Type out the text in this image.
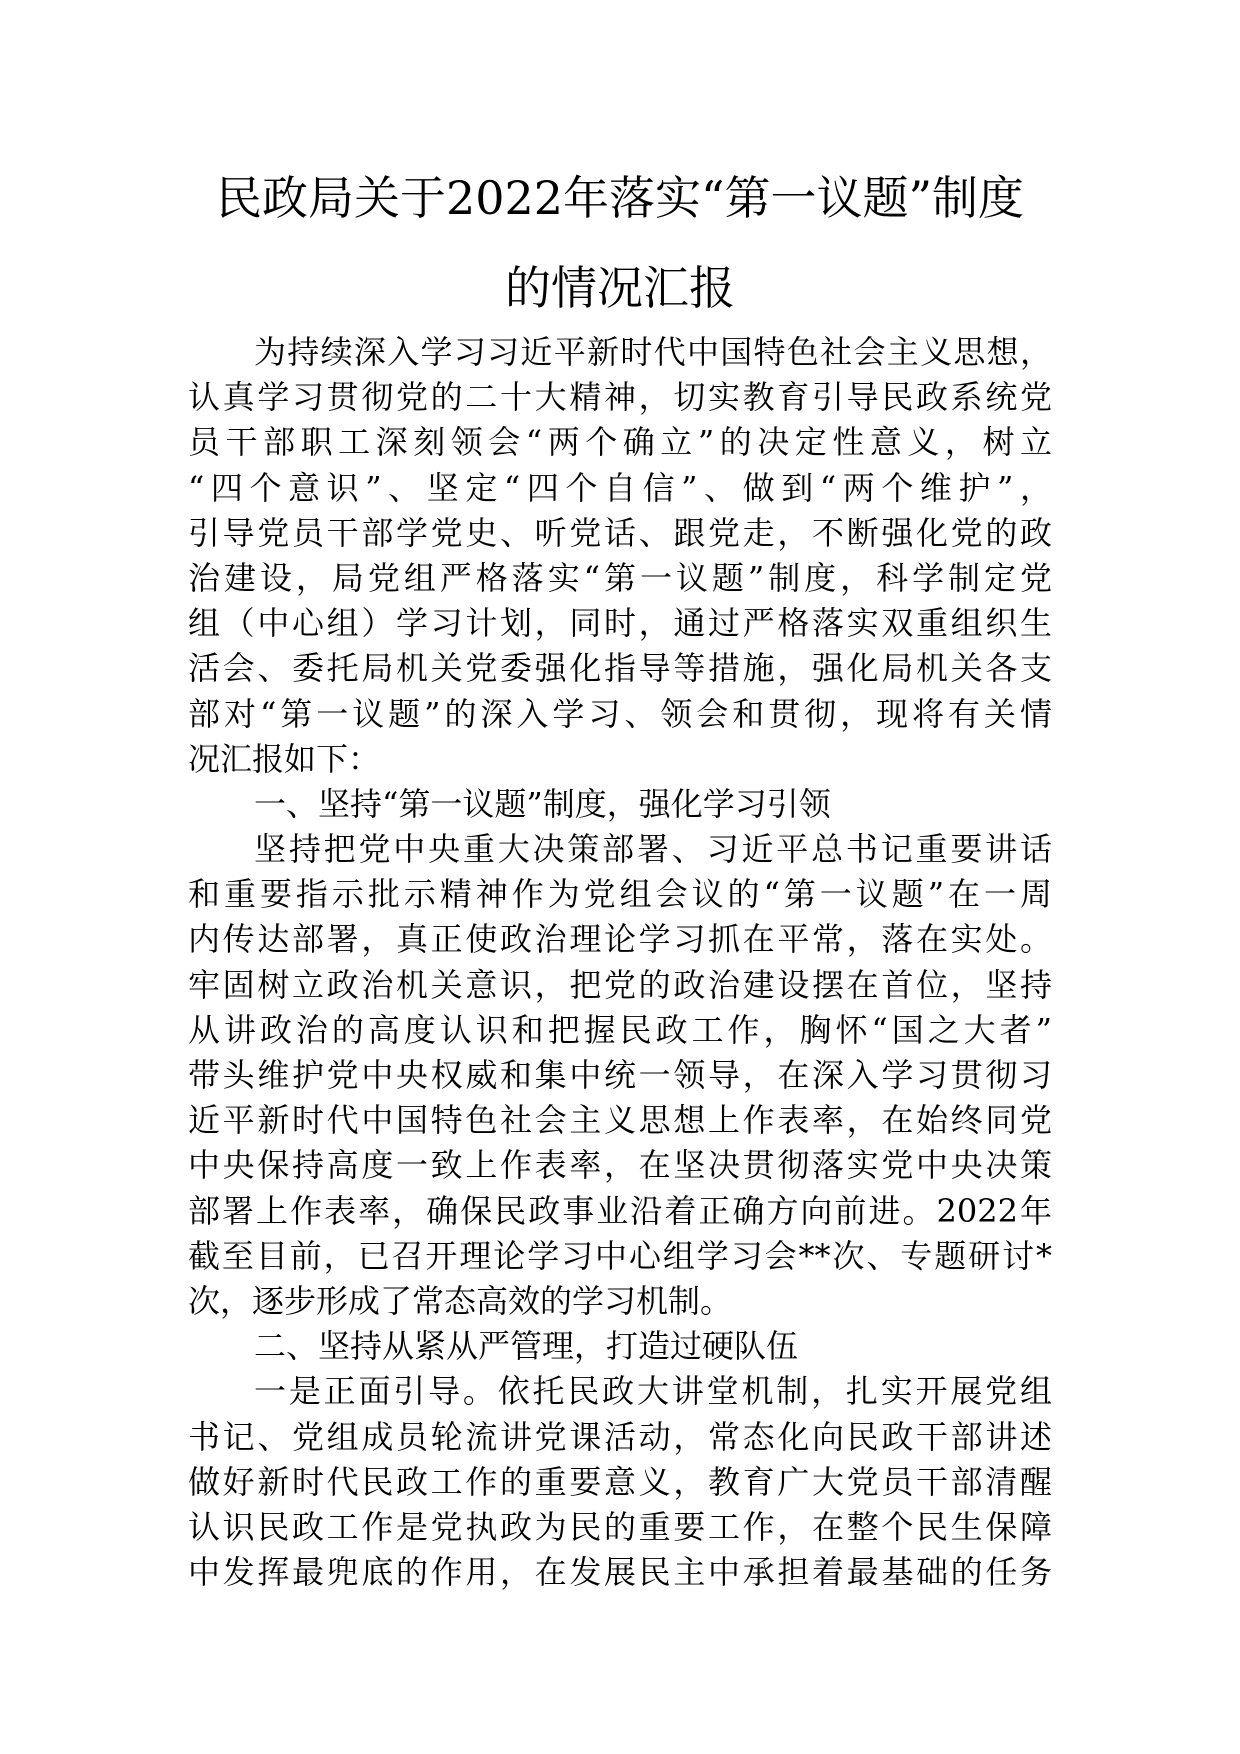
民政局关于2022年落实“第一议题”制度
的情况汇报
为持续深入学习习近平新时代中国特色社会主义思想，
认真学习贯彻党的二十大精神，切实教育引导民政系统党
员干部职工深刻领会“两个确立”的决定性意义，树立
“四个意识”、坚定“四个自信”、做到“两个维护”，
引导党员干部学党史、听党话、跟党走，不断强化党的政
治建设，局党组严格落实“第一议题”制度，科学制定党
组（中心组）学习计划，同时，通过严格落实双重组织生
活会、委托局机关党委强化指导等措施，强化局机关各支
部对“第一议题”的深入学习、领会和贯彻，现将有关情
况汇报如下：
一、坚持“第一议题”制度，强化学习引领
坚持把党中央重大决策部署、习近平总书记重要讲话
和重要指示批示精神作为党组会议的“第一议题”在一周
内传达部署，真正使政治理论学习抓在平常，落在实处。
牢固树立政治机关意识，把党的政治建设摆在首位，坚持
从讲政治的高度认识和把握民政工作，胸怀“国之大者”
带头维护党中央权威和集中统一领导，在深入学习贯彻习
近平新时代中国特色社会主义思想上作表率，在始终同党
中央保持高度一致上作表率，在坚决贯彻落实党中央决策
部署上作表率，确保民政事业沿着正确方向前进。2022年
截至目前，已召开理论学习中心组学习会**次、专题研讨*
次，逐步形成了常态高效的学习机制。
二、坚持从紧从严管理，打造过硬队伍
一是正面引导。依托民政大讲堂机制，扎实开展党组
书记、党组成员轮流讲党课活动，常态化向民政干部讲述
做好新时代民政工作的重要意义，教育广大党员干部清醒
认识民政工作是党执政为民的重要工作，在整个民生保障
中发挥最兜底的作用，在发展民主中承担着最基础的任务
